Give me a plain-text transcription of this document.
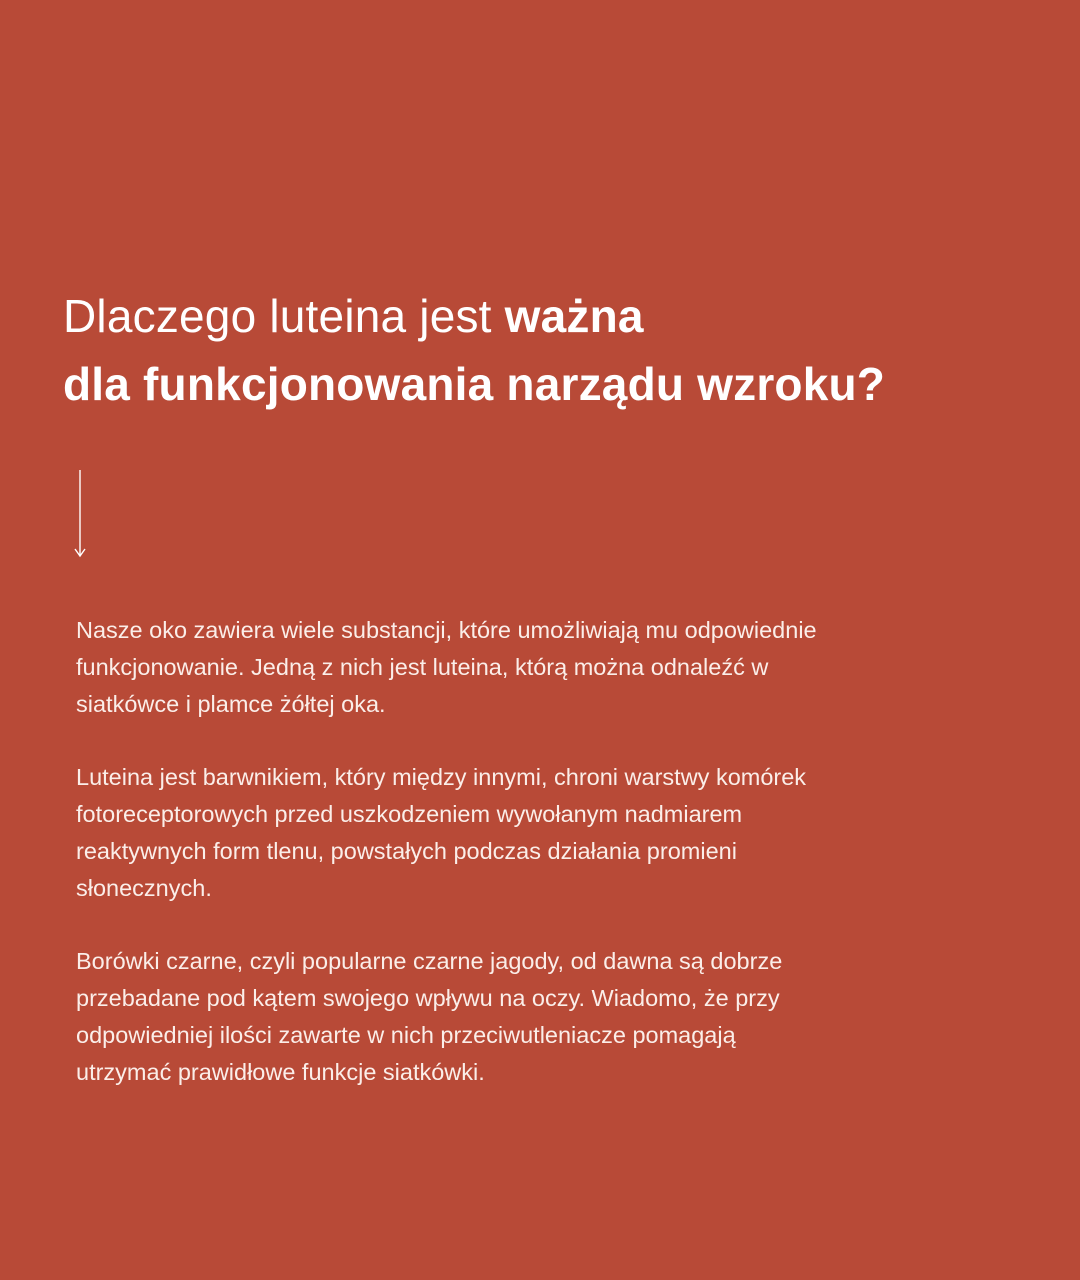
Dlaczego luteina jest ważna
dla funkcjonowania narządu wzroku?

Nasze oko zawiera wiele substancji, które umożliwiają mu odpowiednie
funkcjonowanie. Jedną z nich jest luteina, którą można odnaleźć w
siatkówce i plamce żółtej oka.

Luteina jest barwnikiem, który między innymi, chroni warstwy komórek
fotoreceptorowych przed uszkodzeniem wywołanym nadmiarem
reaktywnych form tlenu, powstałych podczas działania promieni
słonecznych.

Borówki czarne, czyli popularne czarne jagody, od dawna są dobrze
przebadane pod kątem swojego wpływu na oczy. Wiadomo, że przy
odpowiedniej ilości zawarte w nich przeciwutleniacze pomagają
utrzymać prawidłowe funkcje siatkówki.
